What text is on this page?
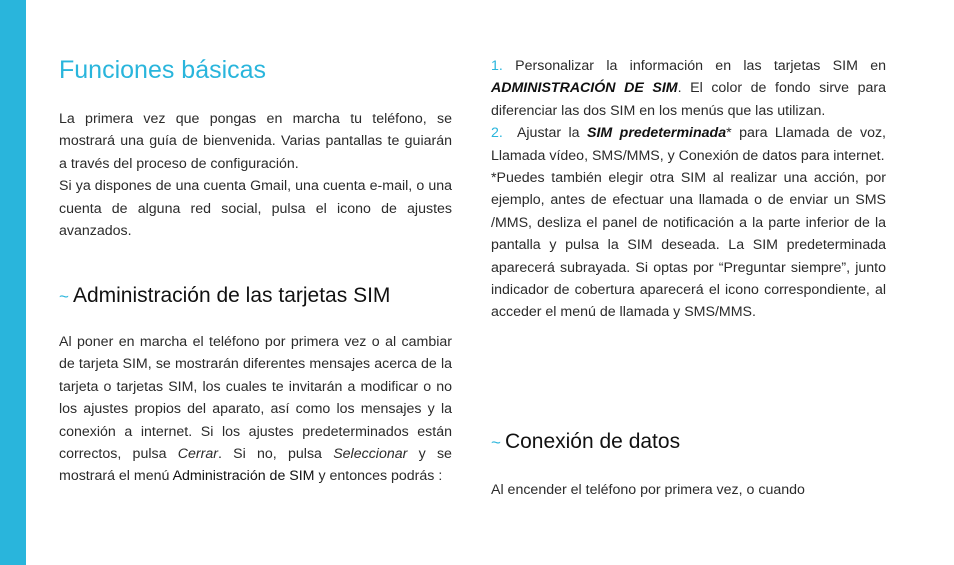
Funciones básicas

La primera vez que pongas en marcha tu teléfono, se mostrará una guía de bienvenida. Varias pantallas te guiarán a través del proceso de configuración.
Si ya dispones de una cuenta Gmail, una cuenta e-mail, o una cuenta de alguna red social, pulsa el icono de ajustes avanzados.

~ Administración de las tarjetas SIM

Al poner en marcha el teléfono por primera vez o al cambiar de tarjeta SIM, se mostrarán diferentes mensajes acerca de la tarjeta o tarjetas SIM, los cuales te invitarán a modificar o no los ajustes propios del aparato, así como los mensajes y la conexión a internet. Si los ajustes predeterminados están correctos, pulsa Cerrar. Si no, pulsa Seleccionar y se mostrará el menú Administración de SIM y entonces podrás :

1. Personalizar la información en las tarjetas SIM en ADMINISTRACIÓN DE SIM. El color de fondo sirve para diferenciar las dos SIM en los menús que las utilizan.
2. Ajustar la SIM predeterminada* para Llamada de voz, Llamada vídeo, SMS/MMS, y Conexión de datos para internet.
*Puedes también elegir otra SIM al realizar una acción, por ejemplo, antes de efectuar una llamada o de enviar un SMS /MMS, desliza el panel de notificación a la parte inferior de la pantalla y pulsa la SIM deseada. La SIM predeterminada aparecerá subrayada. Si optas por “Preguntar siempre”, junto indicador de cobertura aparecerá el icono correspondiente, al acceder el menú de llamada y SMS/MMS.

~ Conexión de datos

Al encender el teléfono por primera vez, o cuando
